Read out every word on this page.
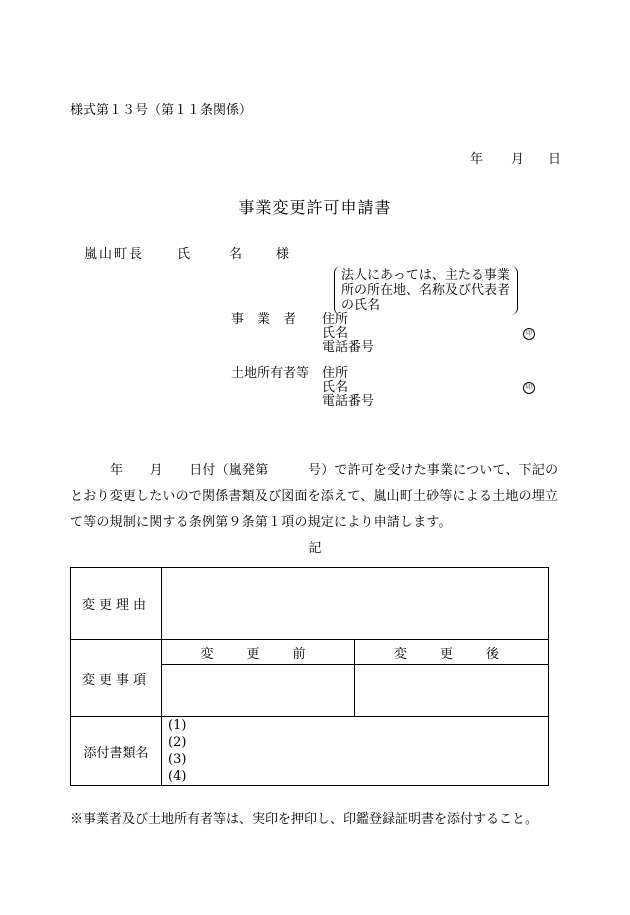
様式第１３号（第１１条関係）
年 月 日
事業変更許可申請書
嵐山町長	氏	名	様
法人にあっては、主たる事業所の所在地、名称及び代表者の氏名
事　業　者 住所
氏名	印
電話番号
土地所有者等 住所
氏名	印
電話番号
年　　月　　日付（嵐発第　　　号）で許可を受けた事業について、下記のとおり変更したいので関係書類及び図面を添えて、嵐山町土砂等による土地の埋立て等の規制に関する条例第９条第１項の規定により申請します。
記
変更理由		
変更事項	変　更　前	変　更　後

添付書類名	(1)
(2)
(3)
(4)	
※事業者及び土地所有者等は、実印を押印し、印鑑登録証明書を添付すること。
